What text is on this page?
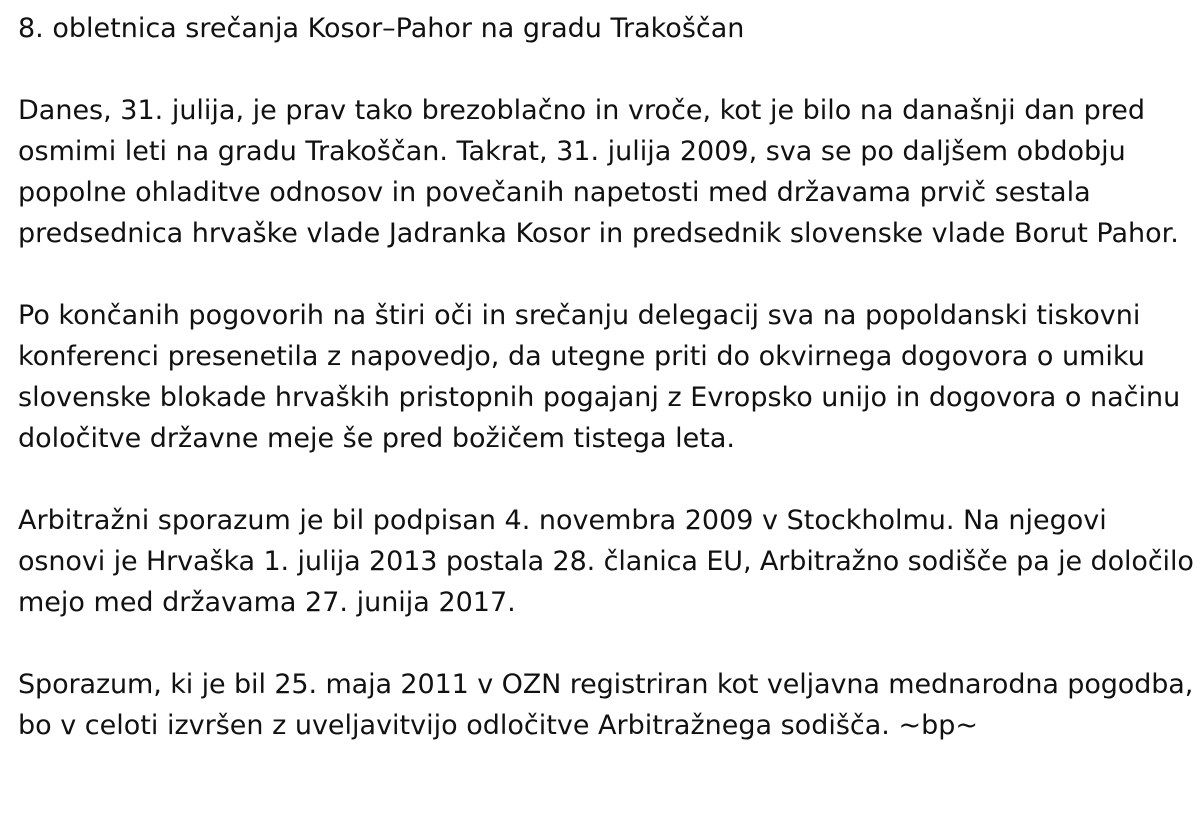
8. obletnica srečanja Kosor–Pahor na gradu Trakoščan
Danes, 31. julija, je prav tako brezoblačno in vroče, kot je bilo na današnji dan pred
osmimi leti na gradu Trakoščan. Takrat, 31. julija 2009, sva se po daljšem obdobju
popolne ohladitve odnosov in povečanih napetosti med državama prvič sestala
predsednica hrvaške vlade Jadranka Kosor in predsednik slovenske vlade Borut Pahor.
Po končanih pogovorih na štiri oči in srečanju delegacij sva na popoldanski tiskovni
konferenci presenetila z napovedjo, da utegne priti do okvirnega dogovora o umiku
slovenske blokade hrvaških pristopnih pogajanj z Evropsko unijo in dogovora o načinu
določitve državne meje še pred božičem tistega leta.
Arbitražni sporazum je bil podpisan 4. novembra 2009 v Stockholmu. Na njegovi
osnovi je Hrvaška 1. julija 2013 postala 28. članica EU, Arbitražno sodišče pa je določilo
mejo med državama 27. junija 2017.
Sporazum, ki je bil 25. maja 2011 v OZN registriran kot veljavna mednarodna pogodba,
bo v celoti izvršen z uveljavitvijo odločitve Arbitražnega sodišča. ~bp~
